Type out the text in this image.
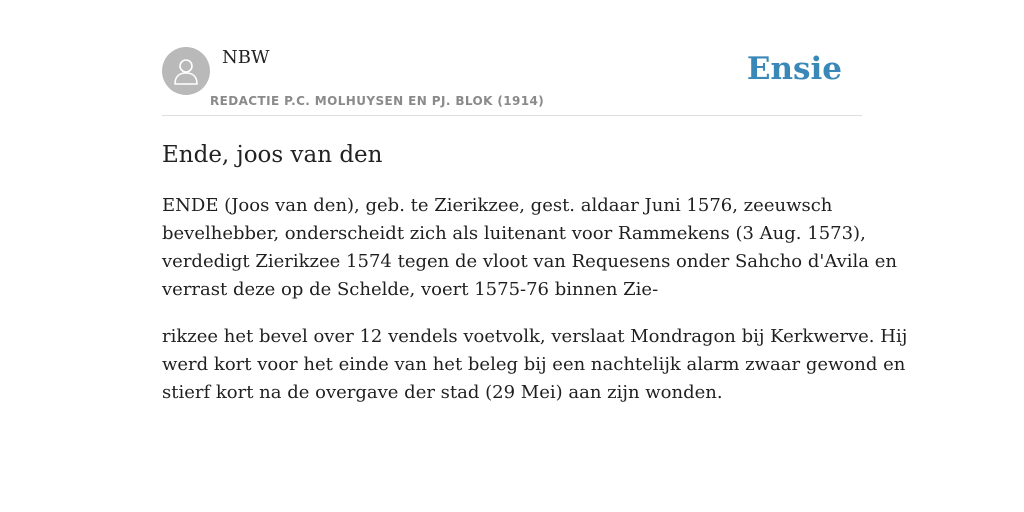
NBW
REDACTIE P.C. MOLHUYSEN EN PJ. BLOK (1914)
Ensie
Ende, joos van den

ENDE (Joos van den), geb. te Zierikzee, gest. aldaar Juni 1576, zeeuwsch
bevelhebber, onderscheidt zich als luitenant voor Rammekens (3 Aug. 1573),
verdedigt Zierikzee 1574 tegen de vloot van Requesens onder Sahcho d'Avila en
verrast deze op de Schelde, voert 1575-76 binnen Zie-

rikzee het bevel over 12 vendels voetvolk, verslaat Mondragon bij Kerkwerve. Hij
werd kort voor het einde van het beleg bij een nachtelijk alarm zwaar gewond en
stierf kort na de overgave der stad (29 Mei) aan zijn wonden.
